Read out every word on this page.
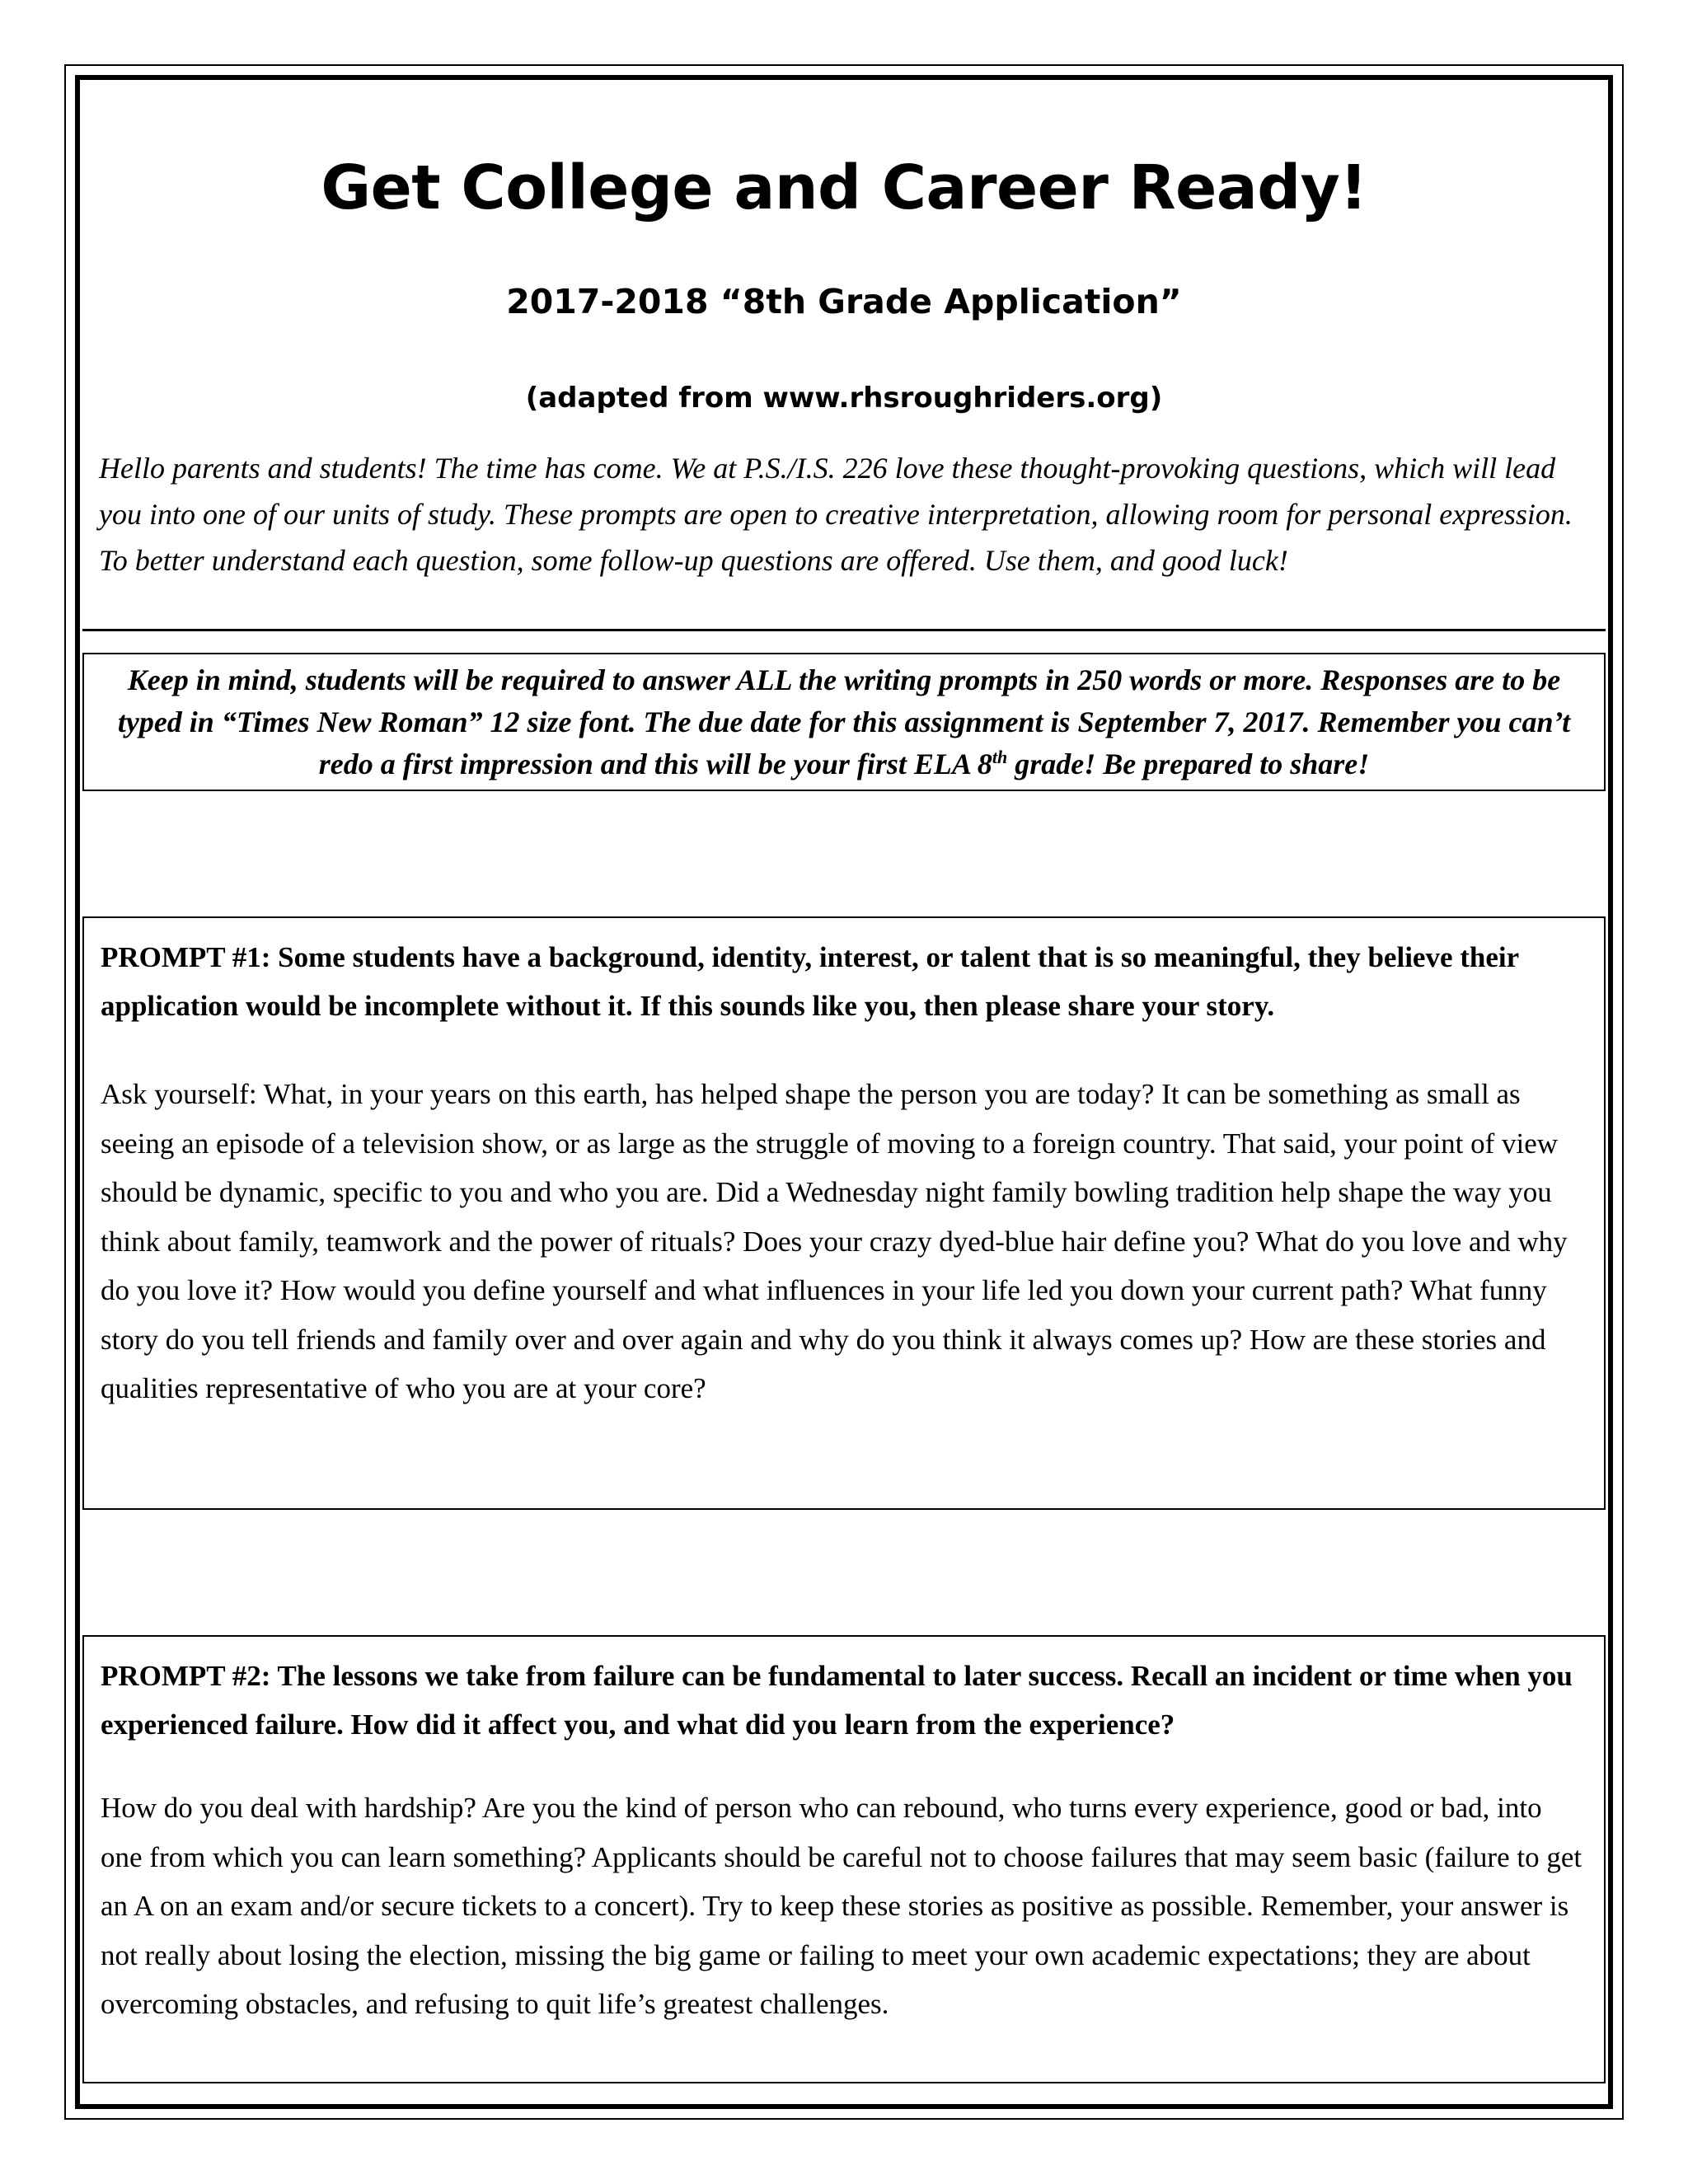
Get College and Career Ready!
2017-2018 “8th Grade Application”
(adapted from www.rhsroughriders.org)

Hello parents and students! The time has come. We at P.S./I.S. 226 love these thought-provoking questions, which will lead you into one of our units of study. These prompts are open to creative interpretation, allowing room for personal expression. To better understand each question, some follow-up questions are offered. Use them, and good luck!

Keep in mind, students will be required to answer ALL the writing prompts in 250 words or more. Responses are to be typed in “Times New Roman” 12 size font. The due date for this assignment is September 7, 2017. Remember you can’t redo a first impression and this will be your first ELA 8th grade! Be prepared to share!

PROMPT #1: Some students have a background, identity, interest, or talent that is so meaningful, they believe their application would be incomplete without it. If this sounds like you, then please share your story.

Ask yourself: What, in your years on this earth, has helped shape the person you are today? It can be something as small as seeing an episode of a television show, or as large as the struggle of moving to a foreign country. That said, your point of view should be dynamic, specific to you and who you are. Did a Wednesday night family bowling tradition help shape the way you think about family, teamwork and the power of rituals? Does your crazy dyed-blue hair define you? What do you love and why do you love it? How would you define yourself and what influences in your life led you down your current path? What funny story do you tell friends and family over and over again and why do you think it always comes up? How are these stories and qualities representative of who you are at your core?

PROMPT #2: The lessons we take from failure can be fundamental to later success. Recall an incident or time when you experienced failure. How did it affect you, and what did you learn from the experience?

How do you deal with hardship? Are you the kind of person who can rebound, who turns every experience, good or bad, into one from which you can learn something? Applicants should be careful not to choose failures that may seem basic (failure to get an A on an exam and/or secure tickets to a concert). Try to keep these stories as positive as possible. Remember, your answer is not really about losing the election, missing the big game or failing to meet your own academic expectations; they are about overcoming obstacles, and refusing to quit life’s greatest challenges.
